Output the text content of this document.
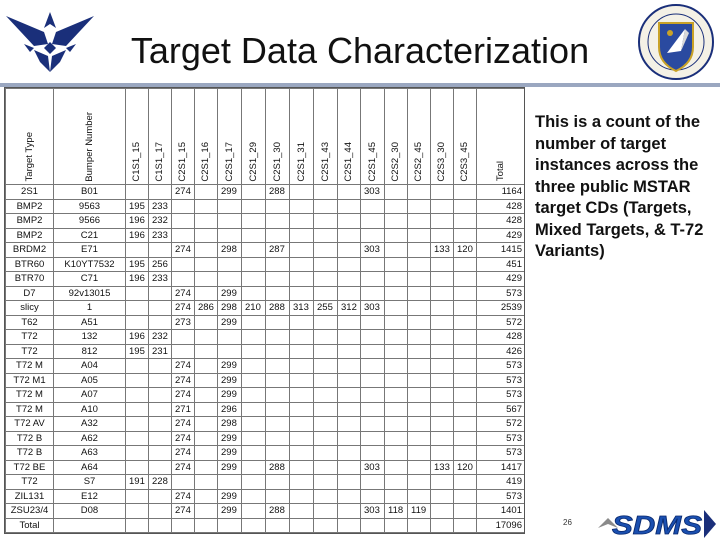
Target Data Characterization
Target Type	Bumper Number	C1S1_15	C1S1_17	C2S1_15	C2S1_16	C2S1_17	C2S1_29	C2S1_30	C2S1_31	C2S1_43	C2S1_44	C2S1_45	C2S2_30	C2S2_45	C2S3_30	C2S3_45	Total
2S1	B01			274		299		288				303					1164
BMP2	9563	195	233														428
BMP2	9566	196	232														428
BMP2	C21	196	233														429
BRDM2	E71			274		298		287				303			133	120	1415
BTR60	K10YT7532	195	256														451
BTR70	C71	196	233														429
D7	92v13015			274		299											573
slicy	1			274	286	298	210	288	313	255	312	303					2539
T62	A51			273		299											572
T72	132	196	232														428
T72	812	195	231														426
T72 M	A04			274		299											573
T72 M1	A05			274		299											573
T72 M	A07			274		299											573
T72 M	A10			271		296											567
T72 AV	A32			274		298											572
T72 B	A62			274		299											573
T72 B	A63			274		299											573
T72 BE	A64			274		299		288				303			133	120	1417
T72	S7	191	228														419
ZIL131	E12			274		299											573
ZSU23/4	D08			274		299		288				303	118	119			1401
Total																	17096
This is a count of the number of target instances across the three public MSTAR target CDs (Targets, Mixed Targets, & T-72 Variants)
26 SDMS
